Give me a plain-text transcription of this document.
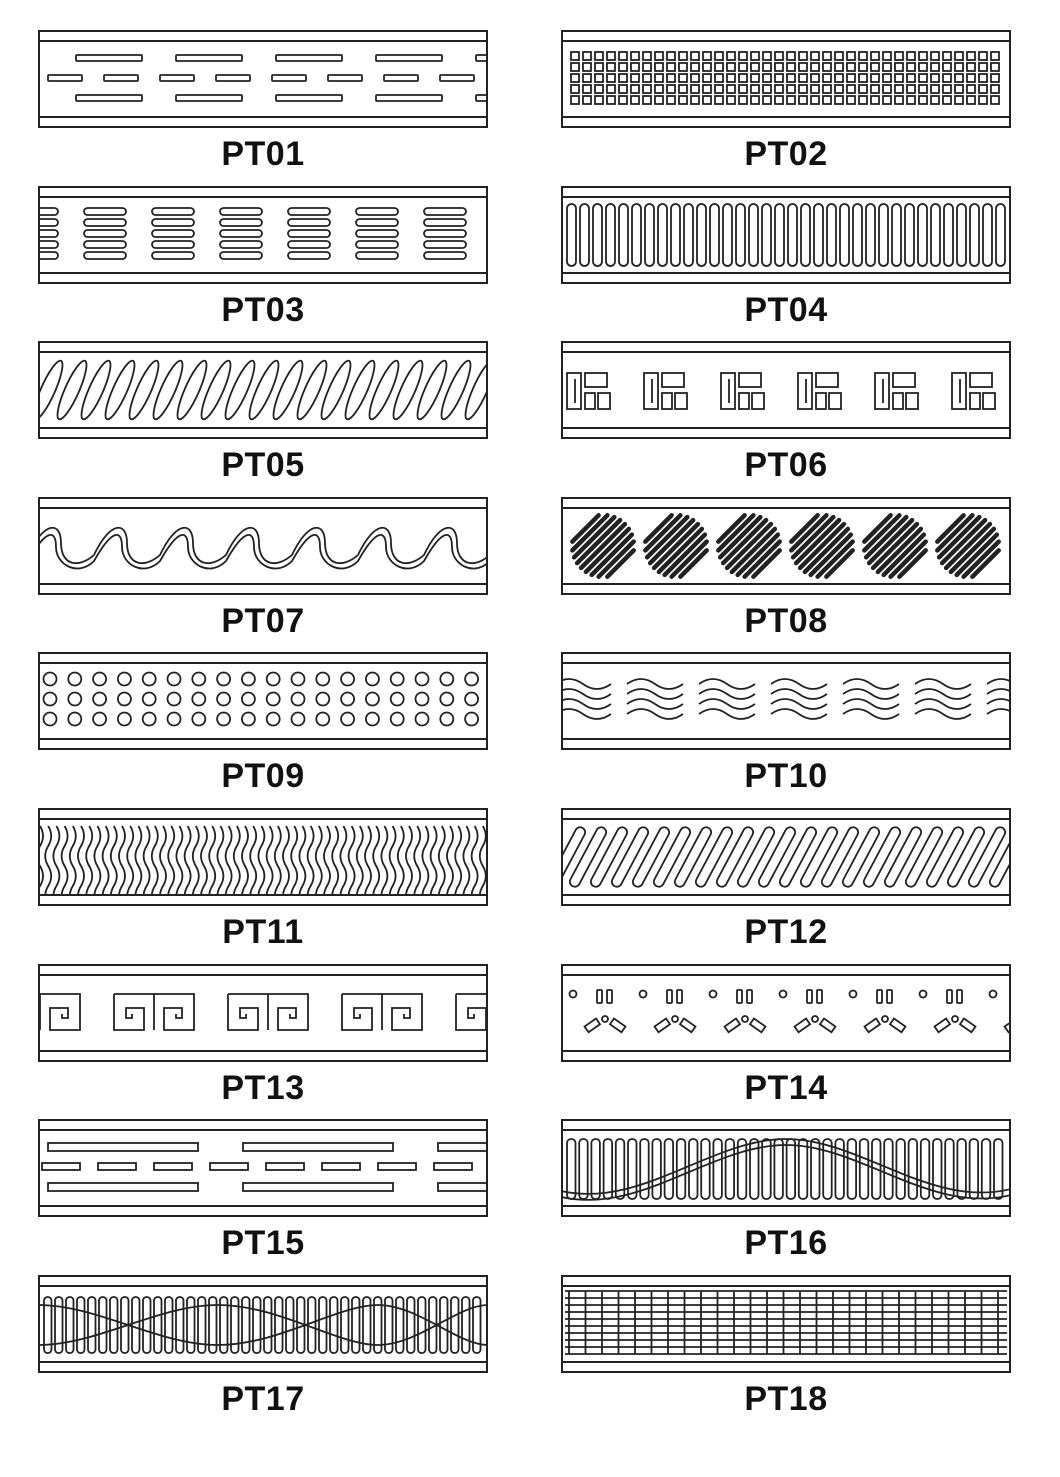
PT01	PT02
PT03	PT04
PT05	PT06
PT07	PT08
PT09	PT10
PT11	PT12
PT13	PT14
PT15	PT16
PT17	PT18
